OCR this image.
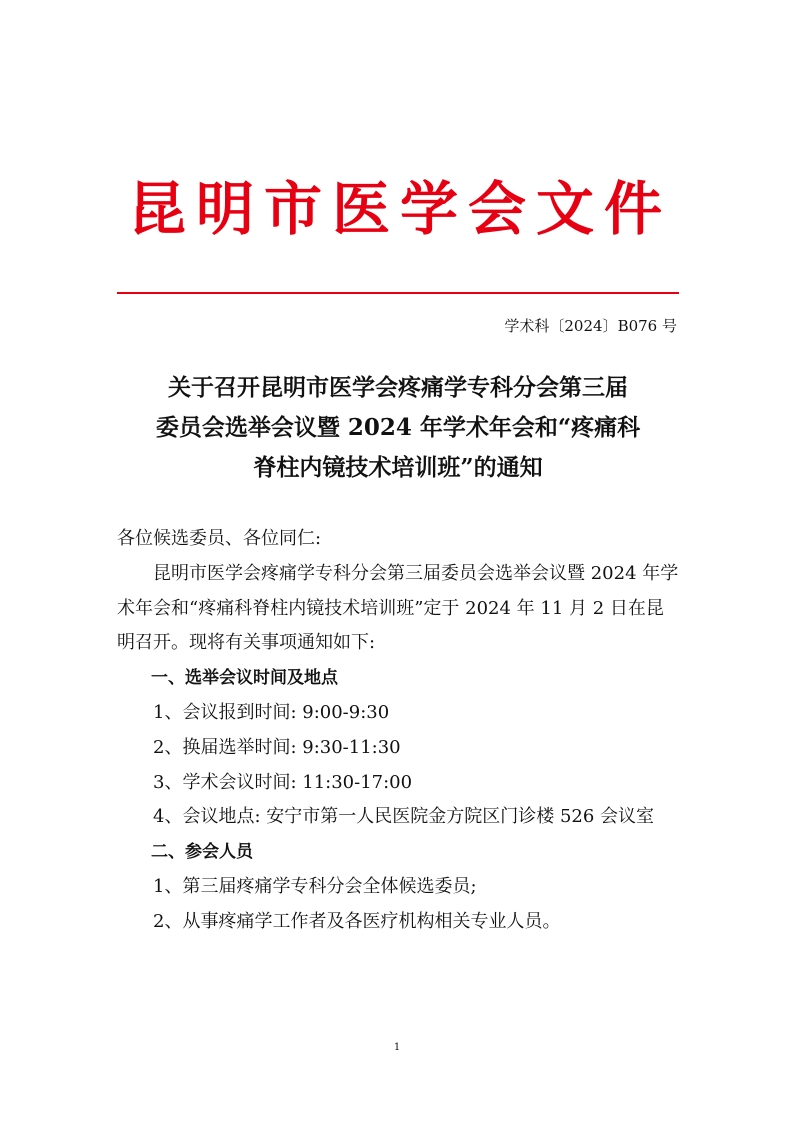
昆明市医学会文件
学术科〔2024〕B076 号
关于召开昆明市医学会疼痛学专科分会第三届
委员会选举会议暨 2024 年学术年会和“疼痛科
脊柱内镜技术培训班”的通知

各位候选委员、各位同仁:

昆明市医学会疼痛学专科分会第三届委员会选举会议暨 2024 年学术年会和“疼痛科脊柱内镜技术培训班”定于 2024 年 11 月 2 日在昆明召开。现将有关事项通知如下:

一、选举会议时间及地点

1、会议报到时间: 9:00-9:30

2、换届选举时间: 9:30-11:30

3、学术会议时间: 11:30-17:00

4、会议地点: 安宁市第一人民医院金方院区门诊楼 526 会议室

二、参会人员

1、第三届疼痛学专科分会全体候选委员;

2、从事疼痛学工作者及各医疗机构相关专业人员。

1
